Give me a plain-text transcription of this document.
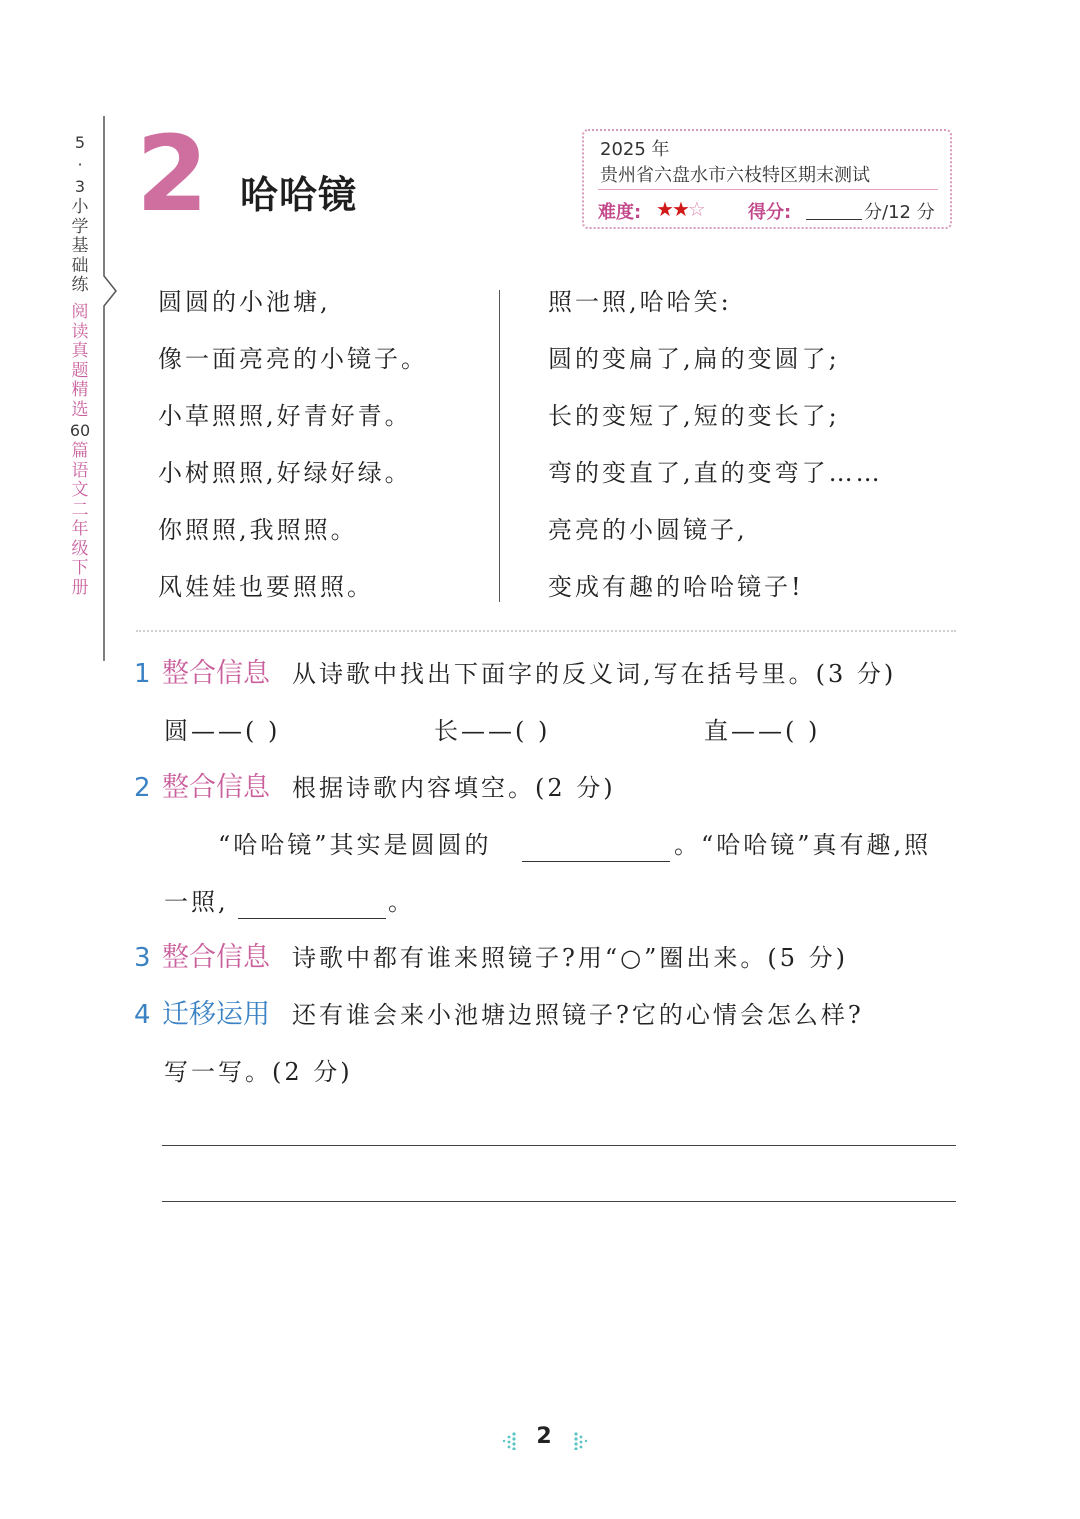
5
·
3
小
学
基
础
练
阅
读
真
题
精
选
60
篇
语
文
二
年
级
下
册
2 哈哈镜
2025 年
贵州省六盘水市六枝特区期末测试
难度: ★★☆ 得分:	分/12 分
圆圆的小池塘,
像一面亮亮的小镜子。
小草照照,好青好青。
小树照照,好绿好绿。
你照照,我照照。
风娃娃也要照照。
照一照,哈哈笑:
圆的变扁了,扁的变圆了;
长的变短了,短的变长了;
弯的变直了,直的变弯了……
亮亮的小圆镜子,
变成有趣的哈哈镜子!
1 整合信息 从诗歌中找出下面字的反义词,写在括号里。(3 分)
圆——( )	长——( )	直——( )
2 整合信息 根据诗歌内容填空。(2 分)
“哈哈镜”其实是圆圆的	。“哈哈镜”真有趣,照
一照,	。
3 整合信息 诗歌中都有谁来照镜子?用“○”圈出来。(5 分)
4 迁移运用 还有谁会来小池塘边照镜子?它的心情会怎么样?
写一写。(2 分)
2
